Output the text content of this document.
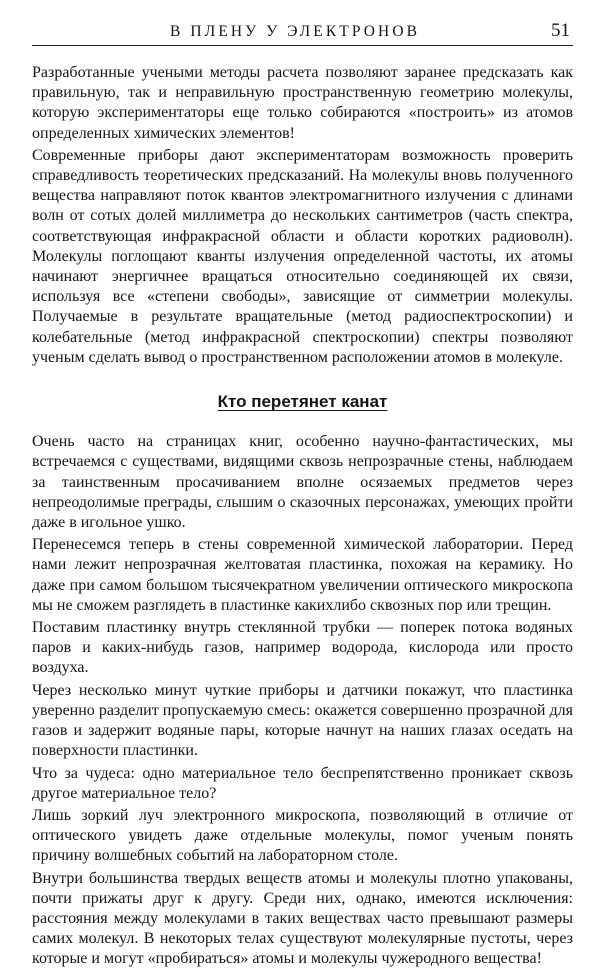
В ПЛЕНУ У ЭЛЕКТРОНОВ	51

Разработанные учеными методы расчета позволяют заранее предсказать как правильную, так и неправильную пространственную геометрию молекулы, которую экспериментаторы еще только собираются «построить» из атомов определенных химических элементов!

Современные приборы дают экспериментаторам возможность проверить справедливость теоретических предсказаний. На молекулы вновь полученного вещества направляют поток квантов электромагнитного излучения с длинами волн от сотых долей миллиметра до нескольких сантиметров (часть спектра, соответствующая инфракрасной области и области коротких радиоволн). Молекулы поглощают кванты излучения определенной частоты, их атомы начинают энергичнее вращаться относительно соединяющей их связи, используя все «степени свободы», зависящие от симметрии молекулы. Получаемые в результате вращательные (метод радиоспектроскопии) и колебательные (метод инфракрасной спектроскопии) спектры позволяют ученым сделать вывод о пространственном расположении атомов в молекуле.

Кто перетянет канат

Очень часто на страницах книг, особенно научно-фантастических, мы встречаемся с существами, видящими сквозь непрозрачные стены, наблюдаем за таинственным просачиванием вполне осязаемых предметов через непреодолимые преграды, слышим о сказочных персонажах, умеющих пройти даже в игольное ушко.

Перенесемся теперь в стены современной химической лаборатории. Перед нами лежит непрозрачная желтоватая пластинка, похожая на керамику. Но даже при самом большом тысячекратном увеличении оптического микроскопа мы не сможем разглядеть в пластинке какихлибо сквозных пор или трещин.

Поставим пластинку внутрь стеклянной трубки — поперек потока водяных паров и каких-нибудь газов, например водорода, кислорода или просто воздуха.

Через несколько минут чуткие приборы и датчики покажут, что пластинка уверенно разделит пропускаемую смесь: окажется совершенно прозрачной для газов и задержит водяные пары, которые начнут на наших глазах оседать на поверхности пластинки.

Что за чудеса: одно материальное тело беспрепятственно проникает сквозь другое материальное тело?

Лишь зоркий луч электронного микроскопа, позволяющий в отличие от оптического увидеть даже отдельные молекулы, помог ученым понять причину волшебных событий на лабораторном столе.

Внутри большинства твердых веществ атомы и молекулы плотно упакованы, почти прижаты друг к другу. Среди них, однако, имеются исключения: расстояния между молекулами в таких веществах часто превышают размеры самих молекул. В некоторых телах существуют молекулярные пустоты, через которые и могут «пробираться» атомы и молекулы чужеродного вещества!
